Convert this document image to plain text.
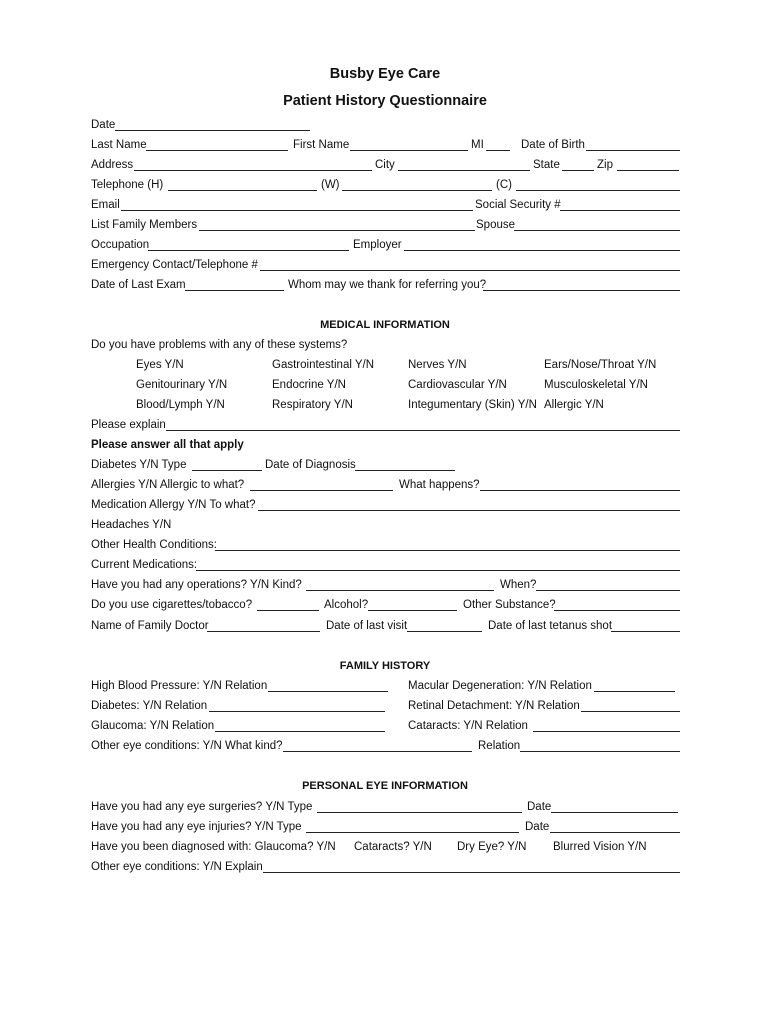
Busby Eye Care
Patient History Questionnaire
Date
Last Name	First Name	MI	Date of Birth
Address	City	State	Zip
Telephone (H)	(W)	(C)
Email	Social Security #
List Family Members	Spouse
Occupation	Employer
Emergency Contact/Telephone #
Date of Last Exam	Whom may we thank for referring you?
MEDICAL INFORMATION
Do you have problems with any of these systems?
Eyes Y/N	Gastrointestinal Y/N	Nerves Y/N	Ears/Nose/Throat Y/N
Genitourinary Y/N	Endocrine Y/N	Cardiovascular Y/N	Musculoskeletal Y/N
Blood/Lymph Y/N	Respiratory Y/N	Integumentary (Skin) Y/N Allergic Y/N
Please explain
Please answer all that apply
Diabetes Y/N Type	Date of Diagnosis
Allergies Y/N Allergic to what?	What happens?
Medication Allergy Y/N To what?
Headaches Y/N
Other Health Conditions:
Current Medications:
Have you had any operations? Y/N Kind?	When?
Do you use cigarettes/tobacco?	Alcohol?	Other Substance?
Name of Family Doctor	Date of last visit	Date of last tetanus shot
FAMILY HISTORY
High Blood Pressure: Y/N Relation	Macular Degeneration: Y/N Relation
Diabetes: Y/N Relation	Retinal Detachment: Y/N Relation
Glaucoma: Y/N Relation	Cataracts: Y/N Relation
Other eye conditions: Y/N What kind?	Relation
PERSONAL EYE INFORMATION
Have you had any eye surgeries? Y/N Type	Date
Have you had any eye injuries? Y/N Type	Date
Have you been diagnosed with: Glaucoma? Y/N Cataracts? Y/N Dry Eye? Y/N Blurred Vision Y/N
Other eye conditions: Y/N Explain
